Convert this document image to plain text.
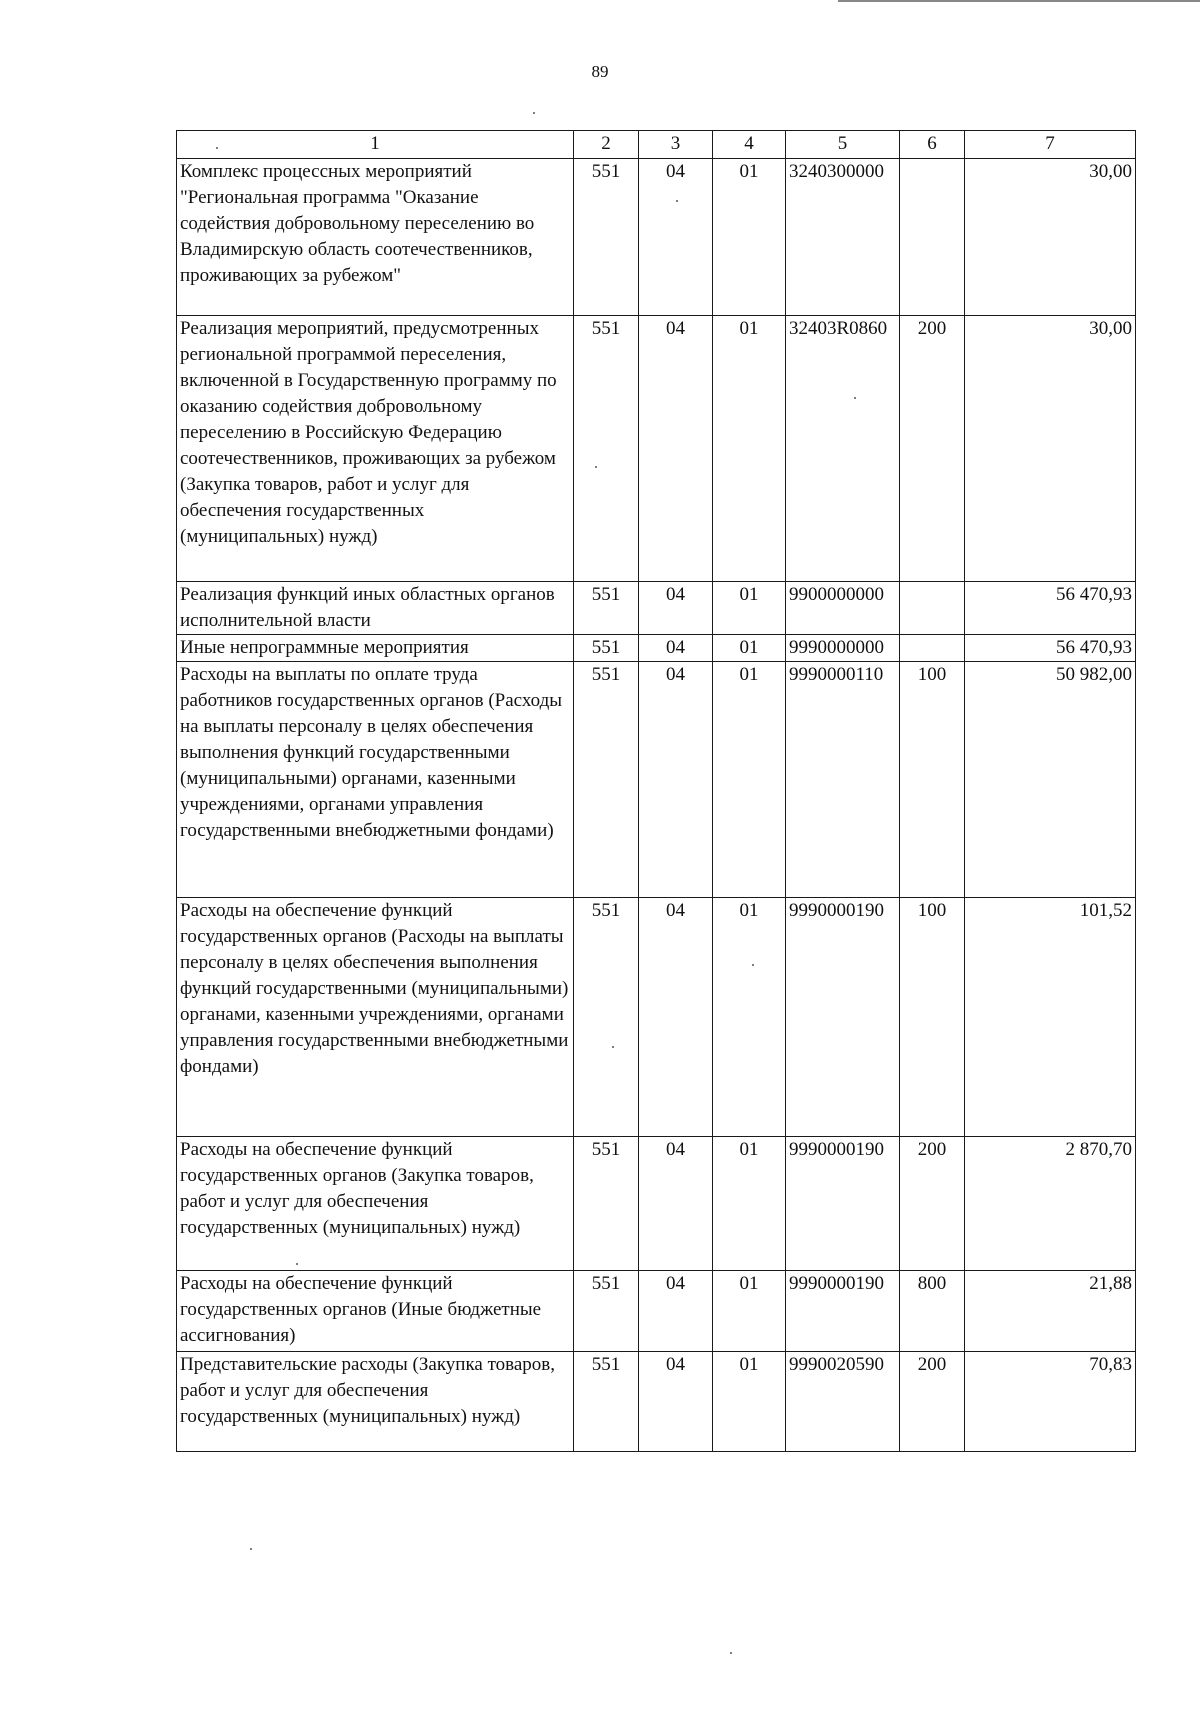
89
1	2	3	4	5	6	7
Комплекс процессных мероприятий "Региональная программа "Оказание содействия добровольному переселению во Владимирскую область соотечественников, проживающих за рубежом"	551	04	01	3240300000		30,00
Реализация мероприятий, предусмотренных региональной программой переселения, включенной в Государственную программу по оказанию содействия добровольному переселению в Российскую Федерацию соотечественников, проживающих за рубежом (Закупка товаров, работ и услуг для обеспечения государственных (муниципальных) нужд)	551	04	01	32403R0860	200	30,00
Реализация функций иных областных органов исполнительной власти	551	04	01	9900000000		56 470,93
Иные непрограммные мероприятия	551	04	01	9990000000		56 470,93
Расходы на выплаты по оплате труда работников государственных органов (Расходы на выплаты персоналу в целях обеспечения выполнения функций государственными (муниципальными) органами, казенными учреждениями, органами управления государственными внебюджетными фондами)	551	04	01	9990000110	100	50 982,00
Расходы на обеспечение функций государственных органов (Расходы на выплаты персоналу в целях обеспечения выполнения функций государственными (муниципальными) органами, казенными учреждениями, органами управления государственными внебюджетными фондами)	551	04	01	9990000190	100	101,52
Расходы на обеспечение функций государственных органов (Закупка товаров, работ и услуг для обеспечения государственных (муниципальных) нужд)	551	04	01	9990000190	200	2 870,70
Расходы на обеспечение функций государственных органов (Иные бюджетные ассигнования)	551	04	01	9990000190	800	21,88
Представительские расходы (Закупка товаров, работ и услуг для обеспечения государственных (муниципальных) нужд)	551	04	01	9990020590	200	70,83
